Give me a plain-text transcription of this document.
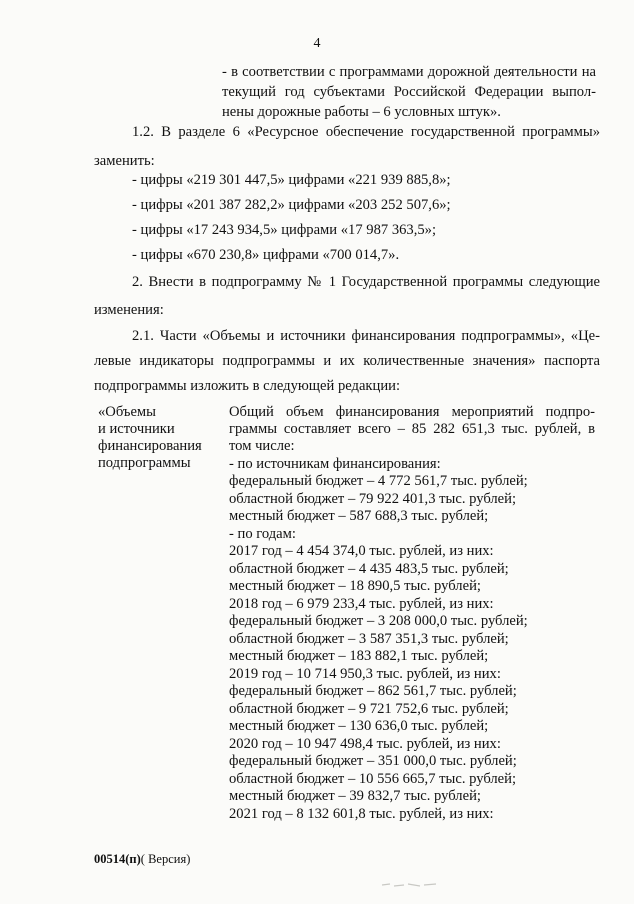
4
- в соответствии с программами дорожной деятельности на
текущий год субъектами Российской Федерации выпол-
нены дорожные работы – 6 условных штук».
1.2. В разделе 6 «Ресурсное обеспечение государственной программы»
заменить:
- цифры «219 301 447,5» цифрами «221 939 885,8»;
- цифры «201 387 282,2» цифрами «203 252 507,6»;
- цифры «17 243 934,5» цифрами «17 987 363,5»;
- цифры «670 230,8» цифрами «700 014,7».
2. Внести в подпрограмму № 1 Государственной программы следующие
изменения:
2.1. Части «Объемы и источники финансирования подпрограммы», «Це-
левые индикаторы подпрограммы и их количественные значения» паспорта
подпрограммы изложить в следующей редакции:
«Объемы
и источники
финансирования
подпрограммы
Общий объем финансирования мероприятий подпро-
граммы составляет всего – 85 282 651,3 тыс. рублей, в
том числе:
- по источникам финансирования:
федеральный бюджет – 4 772 561,7 тыс. рублей;
областной бюджет – 79 922 401,3 тыс. рублей;
местный бюджет – 587 688,3 тыс. рублей;
- по годам:
2017 год – 4 454 374,0 тыс. рублей, из них:
областной бюджет – 4 435 483,5 тыс. рублей;
местный бюджет – 18 890,5 тыс. рублей;
2018 год – 6 979 233,4 тыс. рублей, из них:
федеральный бюджет – 3 208 000,0 тыс. рублей;
областной бюджет – 3 587 351,3 тыс. рублей;
местный бюджет – 183 882,1 тыс. рублей;
2019 год – 10 714 950,3 тыс. рублей, из них:
федеральный бюджет – 862 561,7 тыс. рублей;
областной бюджет – 9 721 752,6 тыс. рублей;
местный бюджет – 130 636,0 тыс. рублей;
2020 год – 10 947 498,4 тыс. рублей, из них:
федеральный бюджет – 351 000,0 тыс. рублей;
областной бюджет – 10 556 665,7 тыс. рублей;
местный бюджет – 39 832,7 тыс. рублей;
2021 год – 8 132 601,8 тыс. рублей, из них:
00514(п)( Версия)
